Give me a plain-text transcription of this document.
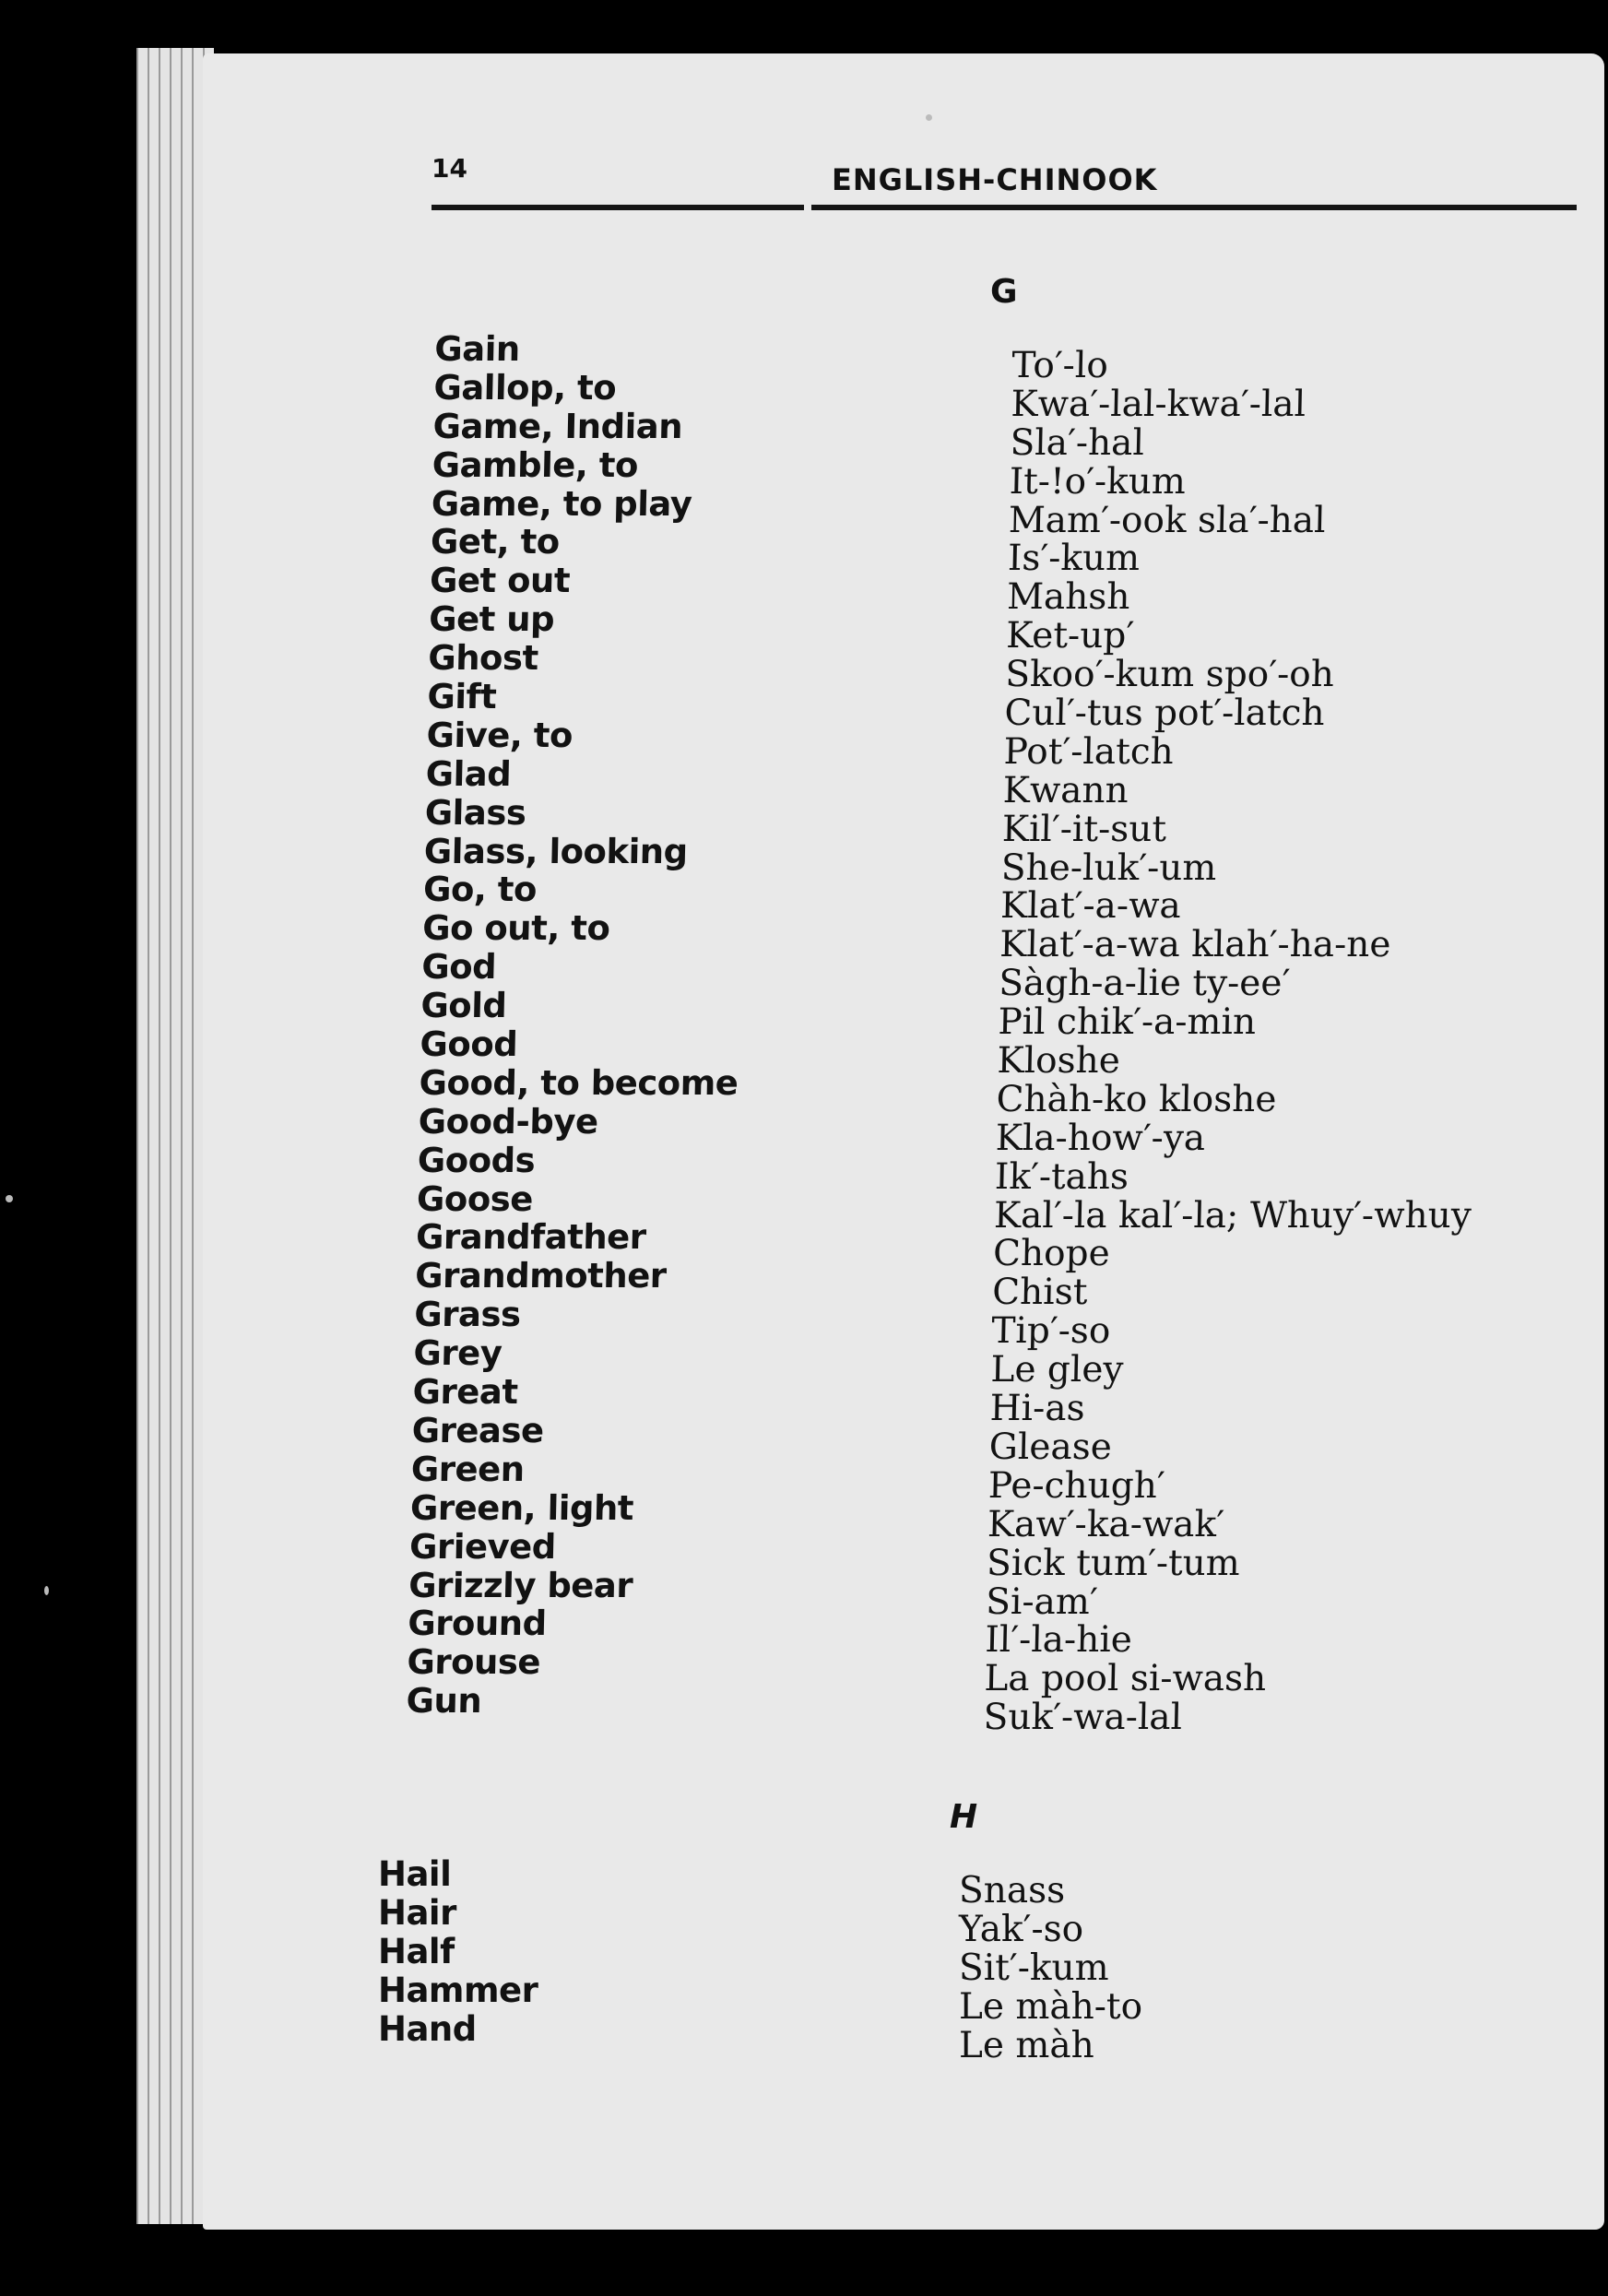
14	ENGLISH-CHINOOK
G
Gain
Gallop, to
Game, Indian
Gamble, to
Game, to play
Get, to
Get out
Get up
Ghost
Gift
Give, to
Glad
Glass
Glass, looking
Go, to
Go out, to
God
Gold
Good
Good, to become
Good-bye
Goods
Goose
Grandfather
Grandmother
Grass
Grey
Great
Grease
Green
Green, light
Grieved
Grizzly bear
Ground
Grouse
Gun
To′-lo
Kwa′-lal-kwa′-lal
Sla′-hal
It-!o′-kum
Mam′-ook sla′-hal
Is′-kum
Mahsh
Ket-up′
Skoo′-kum spo′-oh
Cul′-tus pot′-latch
Pot′-latch
Kwann
Kil′-it-sut
She-luk′-um
Klat′-a-wa
Klat′-a-wa klah′-ha-ne
Sàgh-a-lie ty-ee′
Pil chik′-a-min
Kloshe
Chàh-ko kloshe
Kla-how′-ya
Ik′-tahs
Kal′-la kal′-la; Whuy′-whuy
Chope
Chist
Tip′-so
Le gley
Hi-as
Glease
Pe-chugh′
Kaw′-ka-wak′
Sick tum′-tum
Si-am′
Il′-la-hie
La pool si-wash
Suk′-wa-lal
H
Hail
Hair
Half
Hammer
Hand
Snass
Yak′-so
Sit′-kum
Le màh-to
Le màh
